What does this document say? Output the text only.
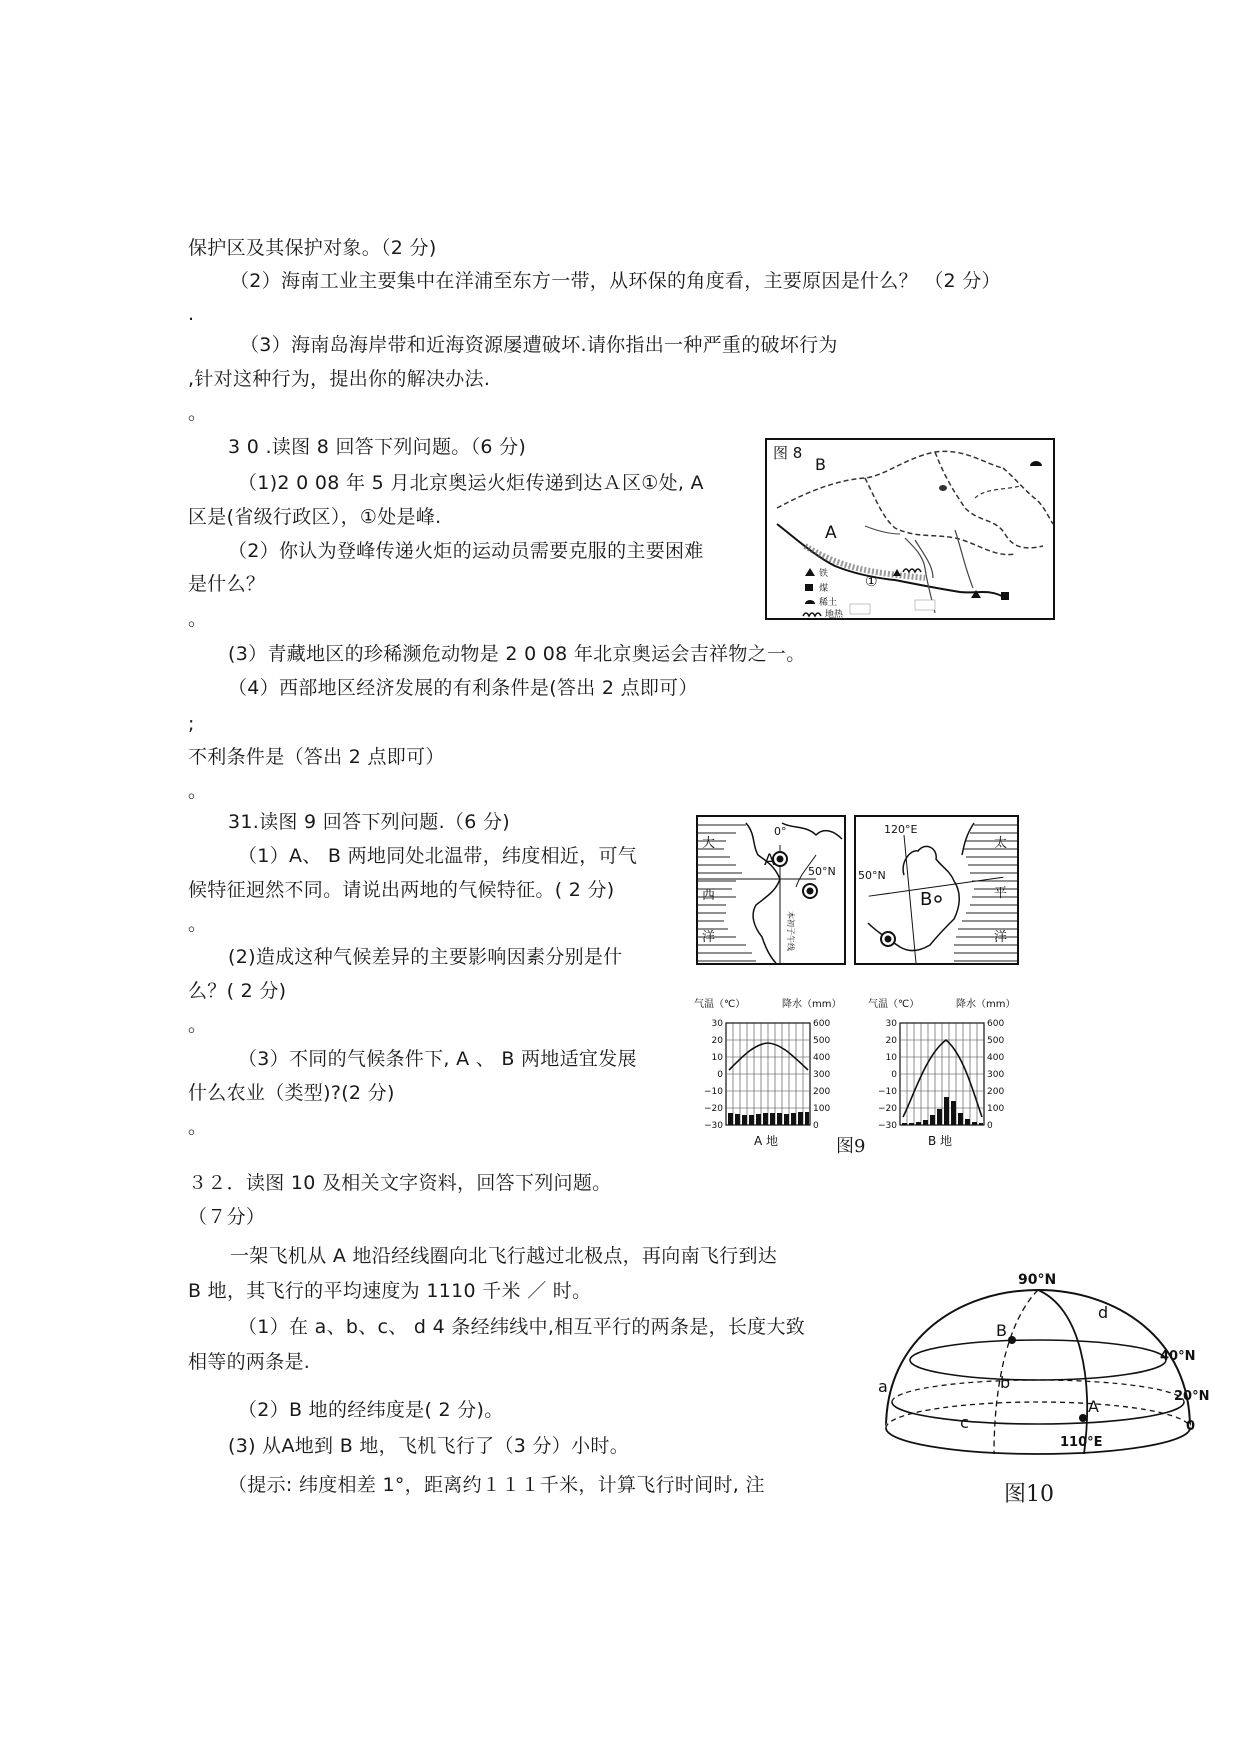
保护区及其保护对象。（2 分)
（2）海南工业主要集中在洋浦至东方一带，从环保的角度看，主要原因是什么？ （2 分）
.
（3）海南岛海岸带和近海资源屡遭破坏.请你指出一种严重的破坏行为
,针对这种行为，提出你的解决办法.
。
3 0 .读图 8 回答下列问题。（6 分)
（1)2 0 08 年 5 月北京奥运火炬传递到达Ａ区①处, A
区是(省级行政区），①处是峰.
（2）你认为登峰传递火炬的运动员需要克服的主要困难
是什么？
。
(3）青藏地区的珍稀濒危动物是 2 0 08 年北京奥运会吉祥物之一。
（4）西部地区经济发展的有利条件是(答出 2 点即可）
;
不利条件是（答出 2 点即可）
。
31.读图 9 回答下列问题.（6 分)
（1）A、 B 两地同处北温带，纬度相近，可气
候特征迥然不同。请说出两地的气候特征。( 2 分)
。
(2)造成这种气候差异的主要影响因素分别是什
么？( 2 分)
。
（3）不同的气候条件下, A 、 B 两地适宜发展
什么农业（类型)?(2 分)
。
３２．读图 10 及相关文字资料，回答下列问题。
（７分）
一架飞机从 A 地沿经线圈向北飞行越过北极点，再向南飞行到达
B 地，其飞行的平均速度为 1110 千米 ／ 时。
（1）在 a、b、c、 d 4 条经纬线中,相互平行的两条是，长度大致
相等的两条是.
（2）B 地的经纬度是( 2 分)。
(3) 从A地到 B 地，飞机飞行了（3 分）小时。
（提示: 纬度相差 1°，距离约１１１千米，计算飞行时间时, 注
铁
煤
稀土
地热
图 8
B
A
①
大
西
洋
0°
50°N
A
本初子午线
太
平
洋
120°E
50°N
B
气温（℃）	降水（mm）
30
20
10
0
−10
−20
−30
600
500
400
300
200
100
0
A 地
气温（℃）	降水（mm）
30
20
10
0
−10
−20
−30
600
500
400
300
200
100
0
B 地
图9
90°N
40°N
20°N
0
110°E
a	b
c
d
A
B
图10
